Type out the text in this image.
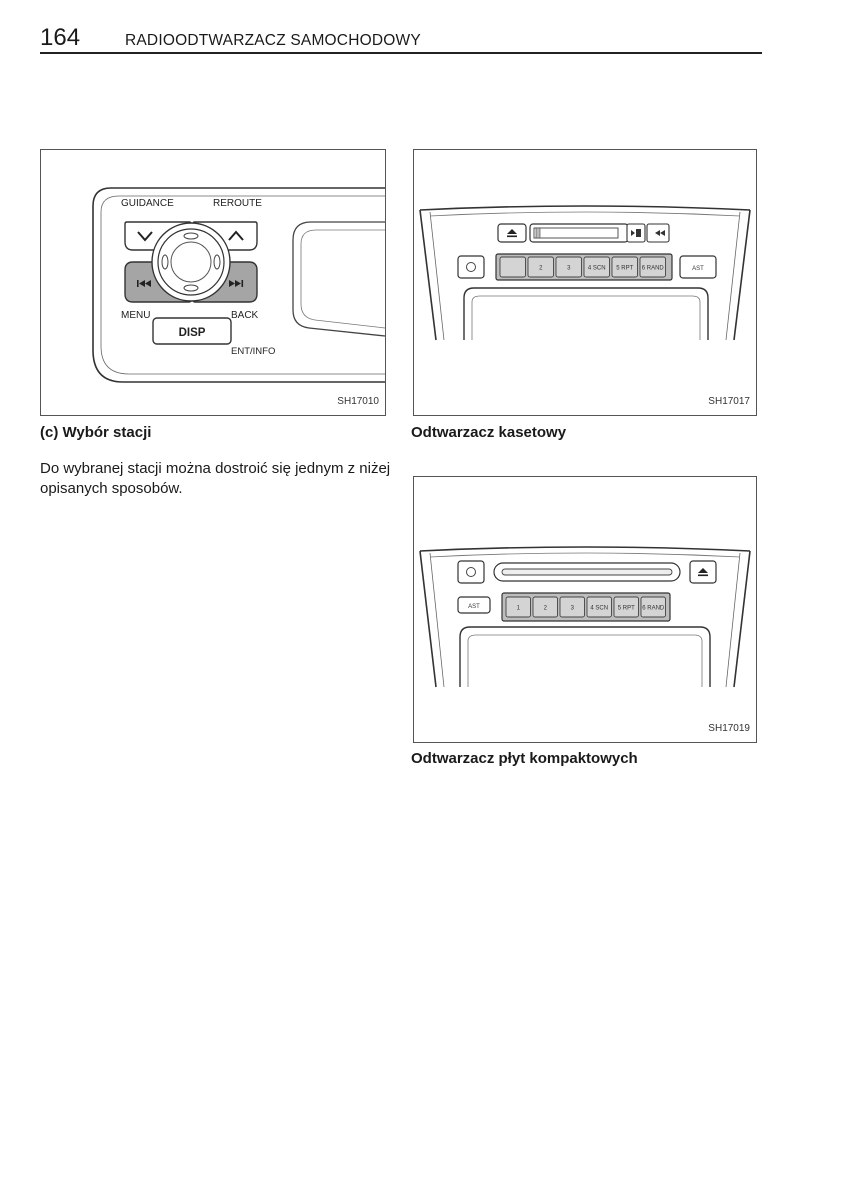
164	RADIOODTWARZACZ SAMOCHODOWY
DISP
GUIDANCE	REROUTE
MENU	BACK
ENT/INFO
SH17010
2	3	4 SCN 5 RPT 6 RAND	AST
SH17017
AST	1	2	3	4 SCN 5 RPT 6 RAND
SH17019
(c) Wybór stacji	Odtwarzacz kasetowy
Odtwarzacz płyt kompaktowych

Do wybranej stacji można dostroić się jednym z niżej opisanych sposobów.
